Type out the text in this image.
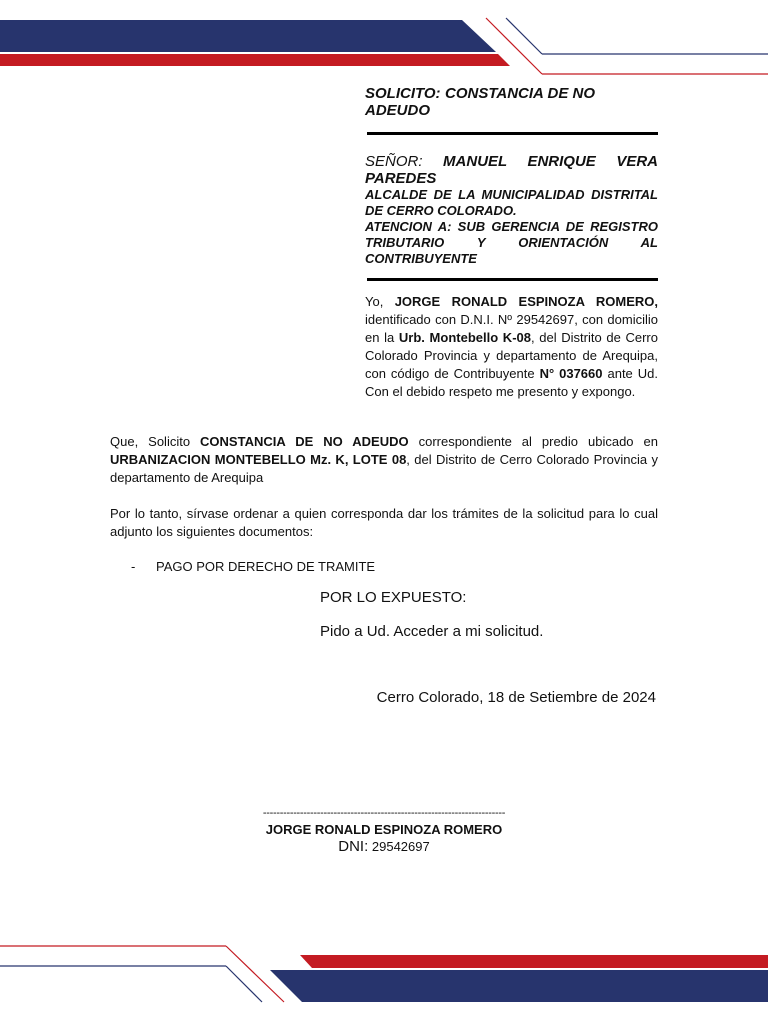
SOLICITO: CONSTANCIA DE NO ADEUDO
SEÑOR: MANUEL ENRIQUE VERA
PAREDES
ALCALDE DE LA MUNICIPALIDAD DISTRITAL DE CERRO COLORADO.
ATENCION A: SUB GERENCIA DE REGISTRO TRIBUTARIO Y ORIENTACIÓN AL CONTRIBUYENTE
Yo, JORGE RONALD ESPINOZA ROMERO, identificado con D.N.I. Nº 29542697, con domicilio en la Urb. Montebello K-08, del Distrito de Cerro Colorado Provincia y departamento de Arequipa, con código de Contribuyente N° 037660 ante Ud. Con el debido respeto me presento y expongo.
Que, Solicito CONSTANCIA DE NO ADEUDO correspondiente al predio ubicado en URBANIZACION MONTEBELLO Mz. K, LOTE 08, del Distrito de Cerro Colorado Provincia y departamento de Arequipa
Por lo tanto, sírvase ordenar a quien corresponda dar los trámites de la solicitud para lo cual adjunto los siguientes documentos:
- PAGO POR DERECHO DE TRAMITE
POR LO EXPUESTO:
Pido a Ud. Acceder a mi solicitud.
Cerro Colorado, 18 de Setiembre de 2024
------------------------------------------------------------------------
JORGE RONALD ESPINOZA ROMERO
DNI: 29542697
